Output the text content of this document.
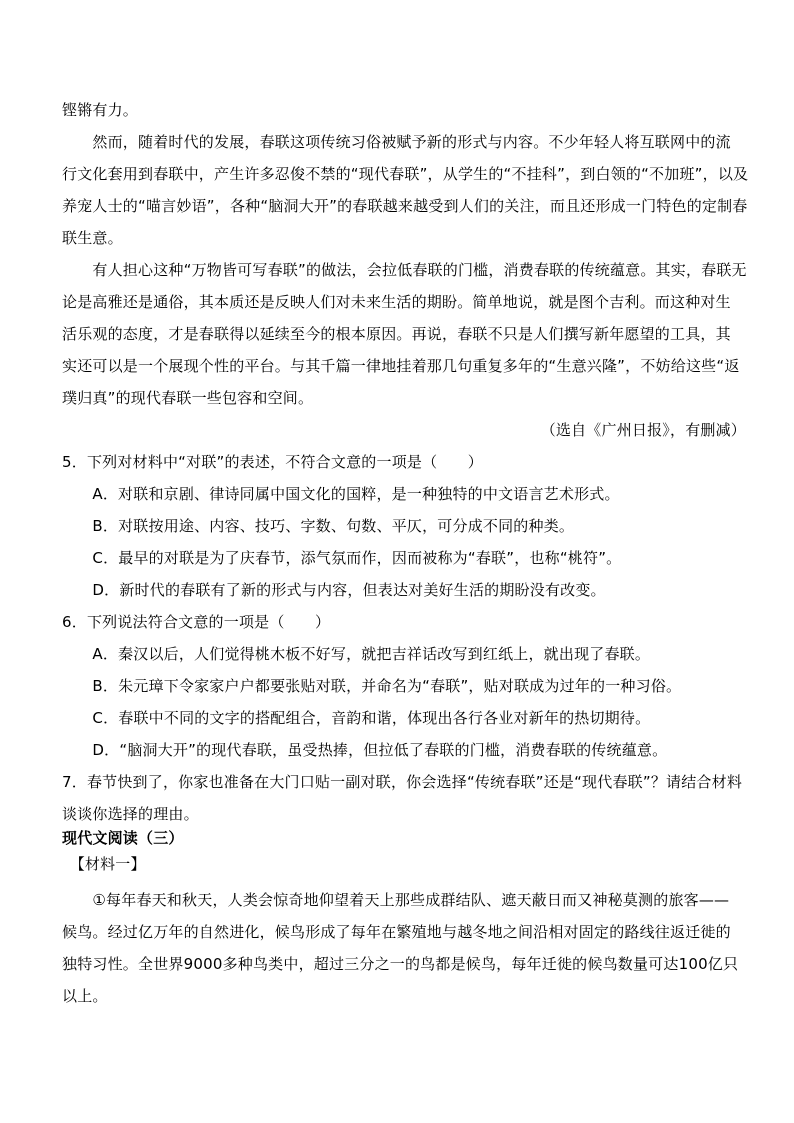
铿锵有力。
　　然而，随着时代的发展，春联这项传统习俗被赋予新的形式与内容。不少年轻人将互联网中的流
行文化套用到春联中，产生许多忍俊不禁的“现代春联”，从学生的“不挂科”，到白领的“不加班”，以及
养宠人士的“喵言妙语”，各种“脑洞大开”的春联越来越受到人们的关注，而且还形成一门特色的定制春
联生意。
　　有人担心这种“万物皆可写春联”的做法，会拉低春联的门槛，消费春联的传统蕴意。其实，春联无
论是高雅还是通俗，其本质还是反映人们对未来生活的期盼。简单地说，就是图个吉利。而这种对生
活乐观的态度，才是春联得以延续至今的根本原因。再说，春联不只是人们撰写新年愿望的工具，其
实还可以是一个展现个性的平台。与其千篇一律地挂着那几句重复多年的“生意兴隆”，不妨给这些“返
璞归真”的现代春联一些包容和空间。
（选自《广州日报》，有删减）
5．下列对材料中“对联”的表述，不符合文意的一项是（　　）
　　A．对联和京剧、律诗同属中国文化的国粹，是一种独特的中文语言艺术形式。
　　B．对联按用途、内容、技巧、字数、句数、平仄，可分成不同的种类。
　　C．最早的对联是为了庆春节，添气氛而作，因而被称为“春联”，也称“桃符”。
　　D．新时代的春联有了新的形式与内容，但表达对美好生活的期盼没有改变。
6．下列说法符合文意的一项是（　　）
　　A．秦汉以后，人们觉得桃木板不好写，就把吉祥话改写到红纸上，就出现了春联。
　　B．朱元璋下令家家户户都要张贴对联，并命名为“春联”，贴对联成为过年的一种习俗。
　　C．春联中不同的文字的搭配组合，音韵和谐，体现出各行各业对新年的热切期待。
　　D．“脑洞大开”的现代春联，虽受热捧，但拉低了春联的门槛，消费春联的传统蕴意。
7．春节快到了，你家也准备在大门口贴一副对联，你会选择“传统春联”还是“现代春联”？请结合材料
谈谈你选择的理由。
现代文阅读（三）
　【材料一】
　　①每年春天和秋天，人类会惊奇地仰望着天上那些成群结队、遮天蔽日而又神秘莫测的旅客——
候鸟。经过亿万年的自然进化，候鸟形成了每年在繁殖地与越冬地之间沿相对固定的路线往返迁徙的
独特习性。全世界9000多种鸟类中，超过三分之一的鸟都是候鸟，每年迁徙的候鸟数量可达100亿只
以上。
